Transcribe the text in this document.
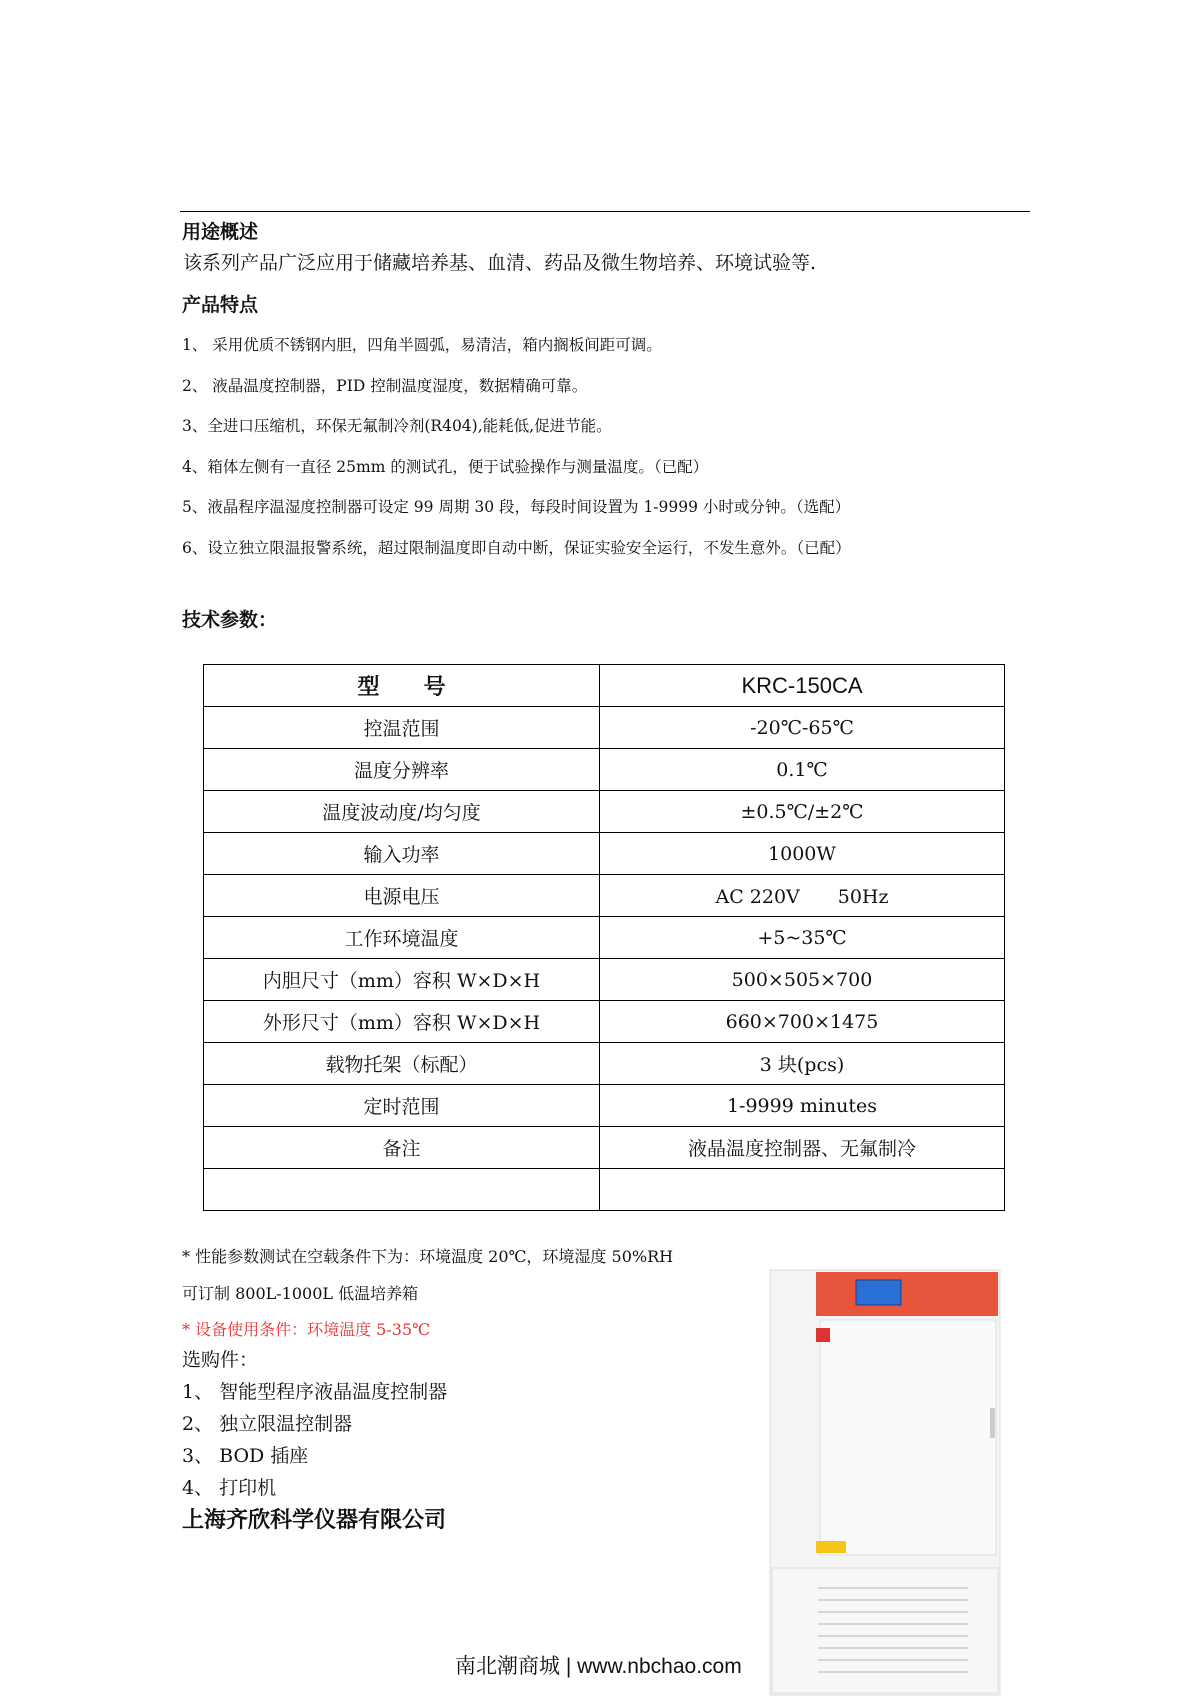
用途概述
该系列产品广泛应用于储藏培养基、血清、药品及微生物培养、环境试验等.
产品特点
1、 采用优质不锈钢内胆，四角半圆弧，易清洁，箱内搁板间距可调。
2、 液晶温度控制器，PID 控制温度湿度，数据精确可靠。
3、全进口压缩机，环保无氟制冷剂(R404),能耗低,促进节能。
4、箱体左侧有一直径 25mm 的测试孔，便于试验操作与测量温度。（已配）
5、液晶程序温湿度控制器可设定 99 周期 30 段，每段时间设置为 1-9999 小时或分钟。（选配）
6、设立独立限温报警系统，超过限制温度即自动中断，保证实验安全运行，不发生意外。（已配）
技术参数：
型　　号	KRC-150CA
控温范围	-20℃-65℃
温度分辨率	0.1℃
温度波动度/均匀度	±0.5℃/±2℃
输入功率	1000W
电源电压	AC 220V　　50Hz
工作环境温度	+5~35℃
内胆尺寸（mm）容积 W×D×H	500×505×700
外形尺寸（mm）容积 W×D×H	660×700×1475
载物托架（标配）	3 块(pcs)
定时范围	1-9999 minutes
备注	液晶温度控制器、无氟制冷

* 性能参数测试在空载条件下为：环境温度 20℃，环境湿度 50%RH
可订制 800L-1000L 低温培养箱
* 设备使用条件：环境温度 5-35℃
选购件：
1、 智能型程序液晶温度控制器
2、 独立限温控制器
3、 BOD 插座
4、 打印机
上海齐欣科学仪器有限公司
南北潮商城 | www.nbchao.com
